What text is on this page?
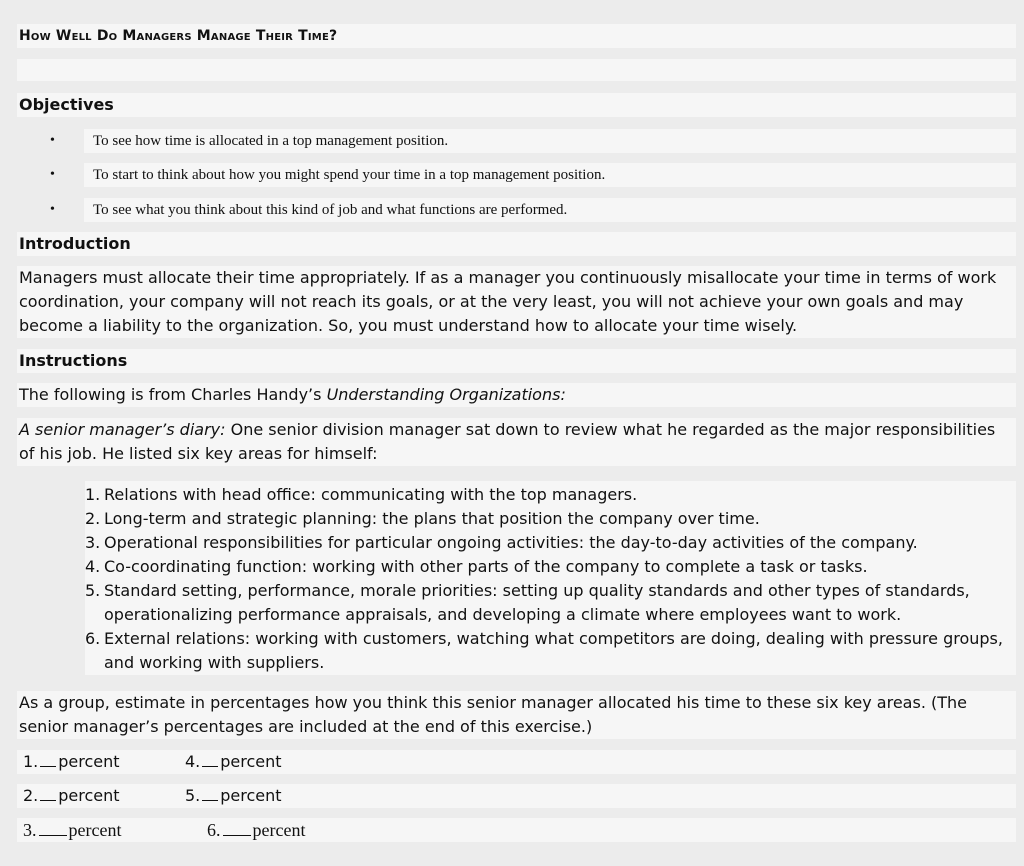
How Well Do Managers Manage Their Time?
Objectives
•	To see how time is allocated in a top management position.
•	To start to think about how you might spend your time in a top management position.
•	To see what you think about this kind of job and what functions are performed.
Introduction
Managers must allocate their time appropriately. If as a manager you continuously misallocate your time in terms of work coordination, your company will not reach its goals, or at the very least, you will not achieve your own goals and may become a liability to the organization. So, you must understand how to allocate your time wisely.
Instructions
The following is from Charles Handy’s Understanding Organizations:
A senior manager’s diary: One senior division manager sat down to review what he regarded as the major responsibilities of his job. He listed six key areas for himself:
1. Relations with head office: communicating with the top managers.
2. Long-term and strategic planning: the plans that position the company over time.
3. Operational responsibilities for particular ongoing activities: the day-to-day activities of the company.
4. Co-coordinating function: working with other parts of the company to complete a task or tasks.
5. Standard setting, performance, morale priorities: setting up quality standards and other types of standards, operationalizing performance appraisals, and developing a climate where employees want to work.
6. External relations: working with customers, watching what competitors are doing, dealing with pressure groups, and working with suppliers.
As a group, estimate in percentages how you think this senior manager allocated his time to these six key areas. (The senior manager’s percentages are included at the end of this exercise.)
1. percent	4. percent
2. percent	5. percent
3. percent	6. percent
